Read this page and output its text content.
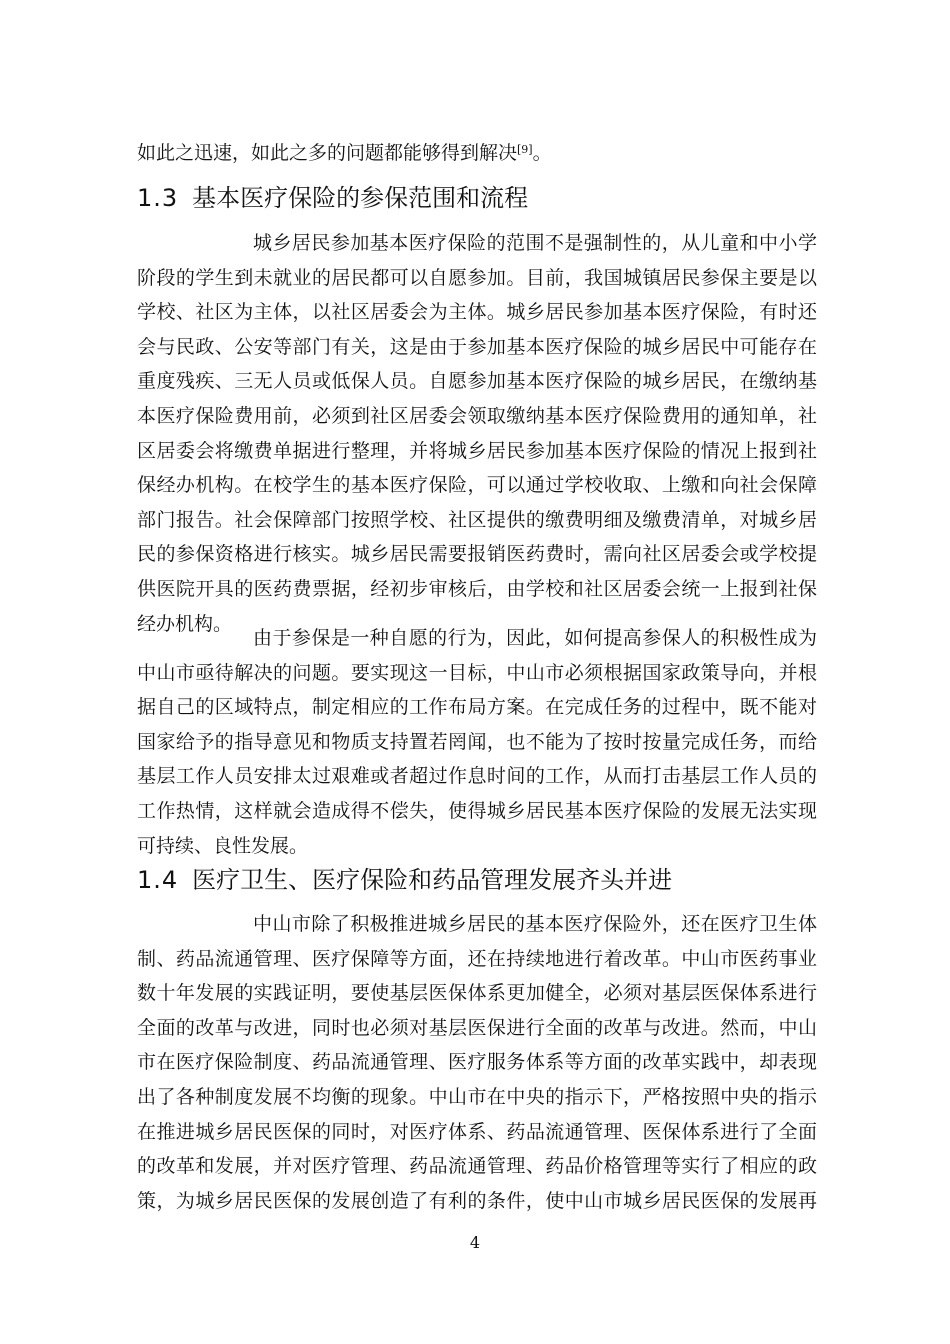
如此之迅速，如此之多的问题都能够得到解决[9]。
1.3 基本医疗保险的参保范围和流程
城乡居民参加基本医疗保险的范围不是强制性的，从儿童和中小学
阶段的学生到未就业的居民都可以自愿参加。目前，我国城镇居民参保主要是以
学校、社区为主体，以社区居委会为主体。城乡居民参加基本医疗保险，有时还
会与民政、公安等部门有关，这是由于参加基本医疗保险的城乡居民中可能存在
重度残疾、三无人员或低保人员。自愿参加基本医疗保险的城乡居民，在缴纳基
本医疗保险费用前，必须到社区居委会领取缴纳基本医疗保险费用的通知单，社
区居委会将缴费单据进行整理，并将城乡居民参加基本医疗保险的情况上报到社
保经办机构。在校学生的基本医疗保险，可以通过学校收取、上缴和向社会保障
部门报告。社会保障部门按照学校、社区提供的缴费明细及缴费清单，对城乡居
民的参保资格进行核实。城乡居民需要报销医药费时，需向社区居委会或学校提
供医院开具的医药费票据，经初步审核后，由学校和社区居委会统一上报到社保
经办机构。
由于参保是一种自愿的行为，因此，如何提高参保人的积极性成为
中山市亟待解决的问题。要实现这一目标，中山市必须根据国家政策导向，并根
据自己的区域特点，制定相应的工作布局方案。在完成任务的过程中，既不能对
国家给予的指导意见和物质支持置若罔闻，也不能为了按时按量完成任务，而给
基层工作人员安排太过艰难或者超过作息时间的工作，从而打击基层工作人员的
工作热情，这样就会造成得不偿失，使得城乡居民基本医疗保险的发展无法实现
可持续、良性发展。
1.4 医疗卫生、医疗保险和药品管理发展齐头并进
中山市除了积极推进城乡居民的基本医疗保险外，还在医疗卫生体
制、药品流通管理、医疗保障等方面，还在持续地进行着改革。中山市医药事业
数十年发展的实践证明，要使基层医保体系更加健全，必须对基层医保体系进行
全面的改革与改进，同时也必须对基层医保进行全面的改革与改进。然而，中山
市在医疗保险制度、药品流通管理、医疗服务体系等方面的改革实践中，却表现
出了各种制度发展不均衡的现象。中山市在中央的指示下，严格按照中央的指示
在推进城乡居民医保的同时，对医疗体系、药品流通管理、医保体系进行了全面
的改革和发展，并对医疗管理、药品流通管理、药品价格管理等实行了相应的政
策，为城乡居民医保的发展创造了有利的条件，使中山市城乡居民医保的发展再
4
